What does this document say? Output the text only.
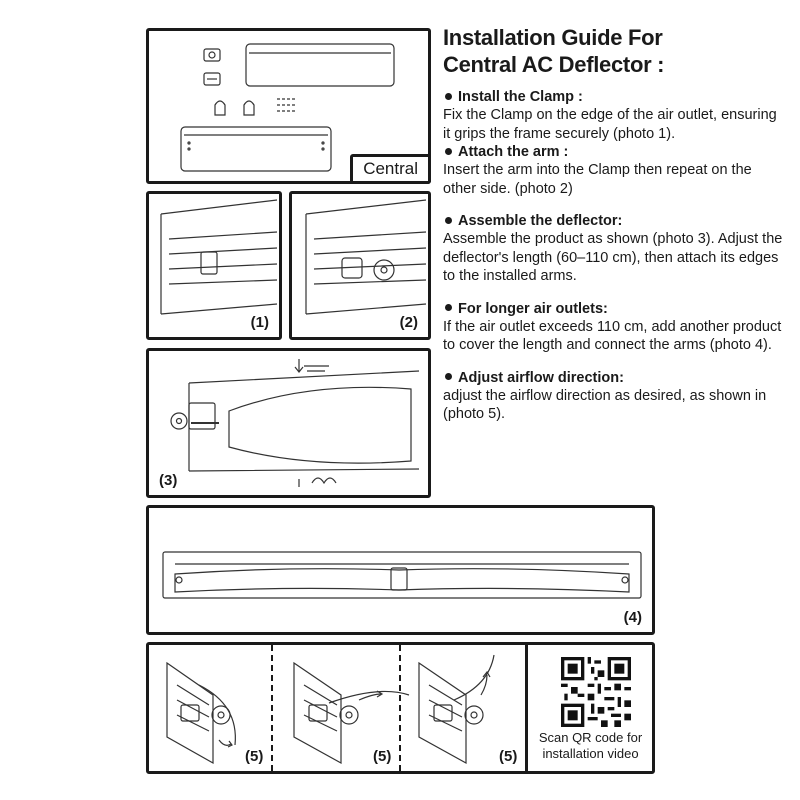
Central
(1)	(2)
(3)
(4)
(5)	(5)	(5)
Scan QR code for installation video
Installation Guide For
Central AC Deflector :

Install the Clamp :

Fix the Clamp on the edge of the air outlet, ensuring it grips the frame securely (photo 1).

Attach the arm :

Insert the arm into the Clamp then repeat on the other side. (photo 2)

Assemble the deflector:

Assemble the product as shown (photo 3). Adjust the deflector's length (60–110 cm), then attach its edges to the installed arms.

For longer air outlets:

If the air outlet exceeds 110 cm, add another product to cover the length and connect the arms (photo 4).

Adjust airflow direction:

adjust the airflow direction as desired, as shown in (photo 5).
